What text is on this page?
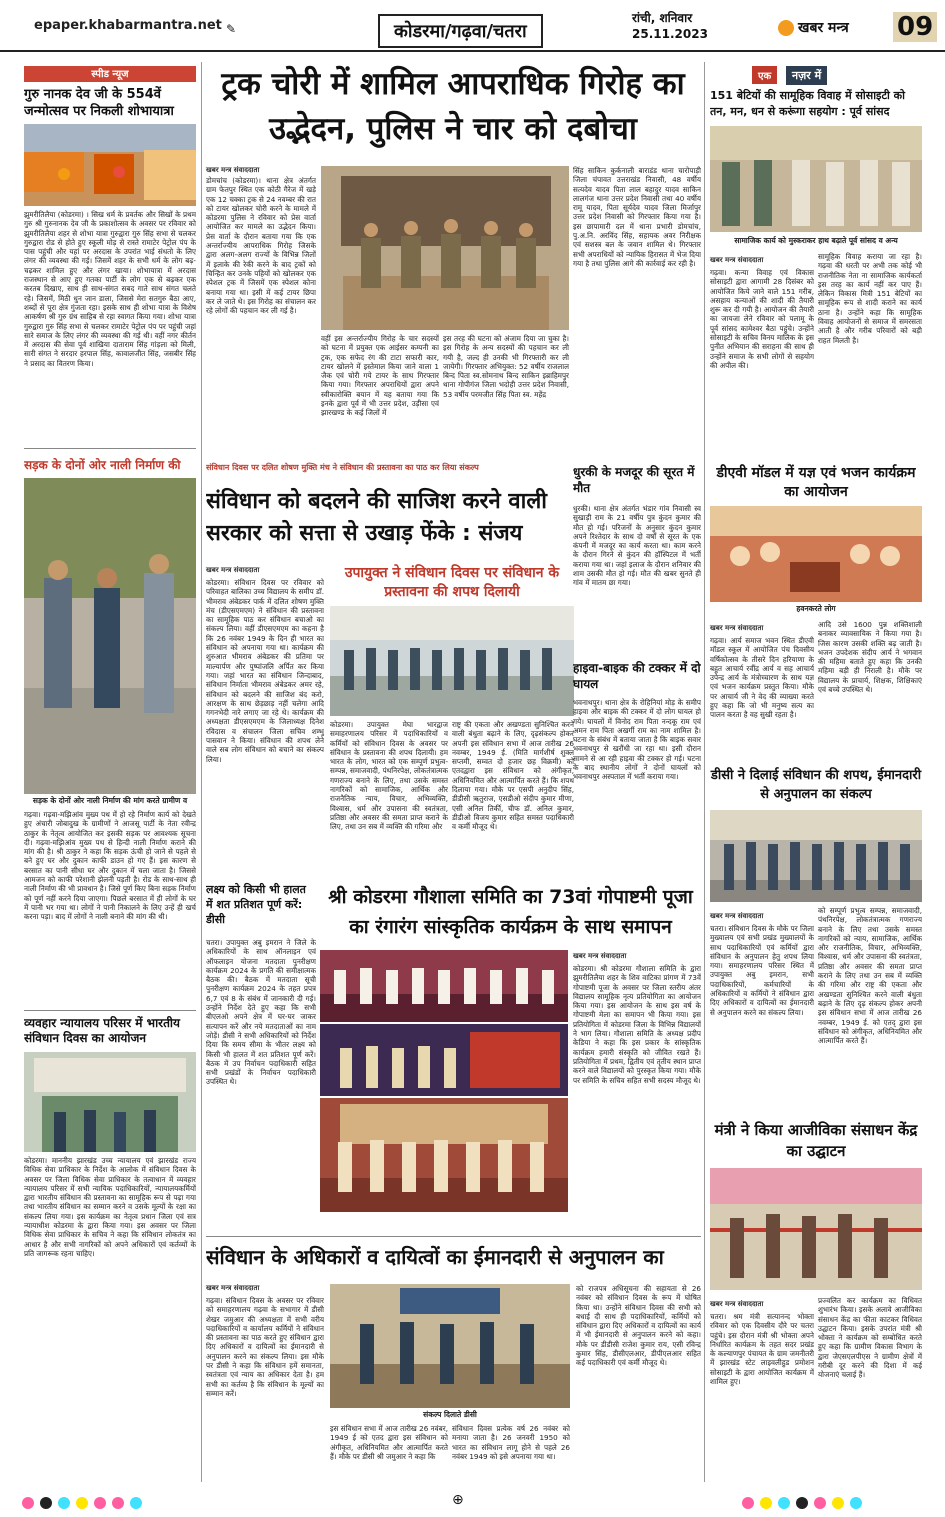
epaper.khabarmantra.net ✎	कोडरमा/गढ़वा/चतरा
रांची, शनिवार
25.11.2023	खबर मन्त्र 09
स्पीड न्यूज
गुरु नानक देव जी के 554वें जन्मोत्सव पर निकली शोभायात्रा
झुमरीतिलैया (कोडरमा) । सिख धर्म के प्रवर्तक और सिखों के प्रथम गुरु श्री गुरुनानक देव जी के प्रकाशोत्सव के अवसर पर रविवार को झुमरीतिलैया शहर से शोभा यात्रा गुरुद्वारा गुरु सिंह सभा से चलकर गुरुद्वारा रोड से होते हुए स्कूली मोड़ से रास्ते रामाटेर पेट्रोल पंप के पास पहुंची और यहां पर अरदास के उपरांत भाई संधतो के लिए लंगर की व्यवस्था की गई। जिसमें शहर के सभी धर्म के लोग बढ़-चढ़कर शामिल हुए और लंगर खाया। शोभायात्रा में अरदास राजस्थान से आए हुए गतका पार्टी के लोग एक से बढ़कर एक करतब दिखाए, साथ ही साथ-संगत सबद गाते साथ संगत चलते रहे। जिसमें, मिठी धुन जान डाला, जिससे मेरा सतगुरु बैठा आए, शब्दों से पूरा क्षेत्र गुंजता रहा। इसके साथ ही शोभा यात्रा के विशेष आकर्षण श्री गुरु ग्रंथ साहिब से रहा स्वागत किया गया। शोभा यात्रा गुरुद्वारा गुरु सिंह सभा से चलकर रामाटेर पेट्रोल पंप पर पहुंची जहां सारे समाज के लिए लंगर की व्यवस्था की गई थी। वहीं नगर कीर्तन में अरदास की सेवा पूर्व शाखिया दाताराम सिंह गांड़ला को मिली, सारी संगत ने सरदार हरपाल सिंह, कावालजीत सिंह, जसबीर सिंह ने प्रसाद का वितरण किया।
सड़क के दोनों ओर नाली निर्माण की
सड़क के दोनों ओर नाली निर्माण की मांग करते ग्रामीण व
गढ़वा। गढ़वा-मझिआंव मुख्य पथ में हो रहे निर्माण कार्य को देखते हुए अंचारी जोबादुख के ग्रामीणों ने आजसू पार्टी के नेता रवीन्द्र ठाकुर के नेतृत्व आयोजित कर इसकी सड़क पर आवश्यक सूचना दी। गढ़वा-मझिआंव मुख्य पथ से हिन्दी नाली निर्माण कराने की मांग की है। श्री ठाकुर ने कहा कि सड़क ऊंची हो जाने से पहले से बने हुए घर और दुकान काफी डाउन हो गए हैं। इस कारण से बरसात का पानी सीधा घर और दुकान में चला जाता है। जिससे आमजन को काफी परेशानी झेलनी पड़ती है। रोड के साथ-साथ ही नाली निर्माण की भी प्रावधान है। जिसे पूर्ण किए बिना सड़क निर्माण को पूर्ण नहीं करने दिया जाएगा। पिछले बरसात में ही लोगों के घर में पानी भर गया था। लोगों ने पानी निकालने के लिए उन्हें ही खर्च करना पड़ा। बाद में लोगों ने नाली बनाने की मांग की थी।
व्यवहार न्यायालय परिसर में भारतीय संविधान दिवस का आयोजन
कोडरमा। माननीय झारखंड उच्च न्यायालय एवं झारखंड राज्य विधिक सेवा प्राधिकार के निर्देश के आलोक में संविधान दिवस के अवसर पर जिला विधिक सेवा प्राधिकार के तत्वाधान में व्यवहार न्यायालय परिसर में सभी न्यायिक पदाधिकारियों, न्यायालयकर्मियों द्वारा भारतीय संविधान की प्रस्तावना का सामूहिक रूप से पढ़ा गया तथा भारतीय संविधान का सम्मान करने व उसके मूल्यों के रक्षा का संकल्प लिया गया। इस कार्यक्रम का नेतृत्व प्रधान जिला एवं सत्र न्यायाधीश कोडरमा के द्वारा किया गया। इस अवसर पर जिला विधिक सेवा प्राधिकार के सचिव ने कहा कि संविधान लोकतंत्र का आधार है और सभी नागरिकों को अपने अधिकारों एवं कर्तव्यों के प्रति जागरूक रहना चाहिए।
ट्रक चोरी में शामिल आपराधिक गिरोह का उद्भेदन, पुलिस ने चार को दबोचा
खबर मन्त्र संवाददाता
डोमचांच (कोडरमा)। थाना क्षेत्र अंतर्गत ग्राम फेतपुर स्थित एक कोठी गैरेज में खड़े एक 12 चक्का ट्रक से 24 नवम्बर की रात को टायर खोलकर चोरी करने के मामले में कोडरमा पुलिस ने रविवार को प्रेस वार्ता आयोजित कर मामले का उद्भेदन किया। प्रेस वार्ता के दौरान बताया गया कि एक अन्तर्राज्यीय आपराधिक गिरोह जिसके द्वारा अलग-अलग राज्यों के विभिन्न जिलों में इलाके की रेकी करने के बाद ट्रकों को चिन्हित कर उनके पहियों को खोलकर एक स्पेशल ट्रक में जिसमें एक स्पेशल कोना बनाया गया था। इसी में कई टायर छिपा कर ले जाते थे। इस गिरोह का संचालन कर रहे लोगों की पहचान कर ली गई है।
वहीं इस अन्तर्राज्यीय गिरोह के चार सदस्यों को घटना में प्रयुक्त एक आईसर कम्पनी का ट्रक, एक सफेद रंग की टाटा सफारी कार, टायर खोलने में इस्तेमाल किया जाने वाला 1 जैक एवं चोरी गये टायर के साथ गिरफ्तार किया गया। गिरफ्तार अपराधियों द्वारा अपने स्वीकारोक्ति बयान में यह बताया गया कि इनके द्वारा पूर्व में भी उत्तर प्रदेश, उड़ीसा एवं झारखण्ड के कई जिलों में
इस तरह की घटना को अंजाम दिया जा चुका है। इस गिरोह के अन्य सदस्यों की पहचान कर ली गयी है, जल्द ही उनकी भी गिरफ्तारी कर ली जायेगी। गिरफ्तार अभियुक्त: 52 वर्षीय राजलाल बिन्द पिता स्व.सोमनाथ बिन्द साकिन इब्राहिमपुर थाना गोपीगंज जिला भदोही उत्तर प्रदेश निवासी, 53 वर्षीय परमजीत सिंह पिता स्व. महेंद्र
सिंह साकिन कुर्कनाली बाराडंड थाना चारोपाड़ी जिला चंपावत उत्तराखंड निवासी, 48 वर्षीय सत्यदेव यादव पिता लाल बहादुर यादव साकिन लालगंज थाना उत्तर प्रदेश निवासी तथा 40 वर्षीय रामू यादव, पिता सूर्यदेव यादव जिला मिर्जापुर उत्तर प्रदेश निवासी को गिरफ्तार किया गया है। इस छापामारी दल में थाना प्रभारी डोमचांच, पु.अ.नि. अरविंद सिंह, सहायक अवर निरीक्षक एवं सशस्त्र बल के जवान शामिल थे। गिरफ्तार सभी अपराधियों को न्यायिक हिरासत में भेज दिया गया है तथा पुलिस आगे की कार्रवाई कर रही है।
संविधान दिवस पर दलित शोषण मुक्ति मंच ने संविधान की प्रस्तावना का पाठ कर लिया संकल्प
संविधान को बदलने की साजिश करने वाली सरकार को सत्ता से उखाड़ फेंके : संजय
खबर मन्त्र संवाददाता
कोडरमा। संविधान दिवस पर रविवार को परिवाहत बालिका उच्च विद्यालय के समीप डॉ. भीमराव अंबेडकर पार्क में दलित शोषण मुक्ति मंच (डीएसएमएम) ने संविधान की प्रस्तावना का सामूहिक पाठ कर संविधान बचाओ का संकल्प लिया। वहीं डीएसएमएम का कहना है कि 26 नवंबर 1949 के दिन ही भारत का संविधान को अपनाया गया था। कार्यक्रम की शुरुआत भीमराव अंबेडकर की प्रतिमा पर माल्यार्पण और पुष्पांजलि अर्पित कर किया गया। जहां भारत का संविधान जिन्दाबाद, संविधान निर्माता भीमराव अंबेडकर अमर रहे, संविधान को बदलने की साजिश बंद करो, आरक्षण के साथ छेड़छाड़ नहीं चलेगा आदि गगनभेदी नारे लगाए जा रहे थे। कार्यक्रम की अध्यक्षता डीएसएमएम के जिलाध्यक्ष दिनेश रविदास व संचालन जिला सचिव शम्भु पासवान ने किया। संविधान की शपथ लेने वाले सब लोग संविधान को बचाने का संकल्प लिया।
उपायुक्त ने संविधान दिवस पर संविधान के प्रस्तावना की शपथ दिलायी
कोडरमा। उपायुक्त मेघा भारद्वाज समाहरणालय परिसर में पदाधिकारियों व कर्मियों को संविधान दिवस के अवसर पर संविधान के प्रस्तावना की शपथ दिलायी। हम भारत के लोग, भारत को एक सम्पूर्ण प्रभुत्व-सम्पन्न, समाजवादी, पंथनिरपेक्ष, लोकतंत्रात्मक गणराज्य बनाने के लिए, तथा उसके समस्त नागरिकों को सामाजिक, आर्थिक और राजनैतिक न्याय, विचार, अभिव्यक्ति, विश्वास, धर्म और उपासना की स्वतंत्रता, प्रतिष्ठा और अवसर की समता प्राप्त कराने के लिए, तथा उन सब में व्यक्ति की गरिमा और
राष्ट्र की एकता और अखण्डता सुनिश्चित करने वाली बंधुता बढ़ाने के लिए, दृढ़संकल्प होकर अपनी इस संविधान सभा में आज तारीख 26 नवम्बर, 1949 ई. (मिति मार्गशीर्ष शुक्ल सप्तमी, सम्वत दो हजार छह विक्रमी) को एतदद्वारा इस संविधान को अंगीकृत, अधिनियमित और आत्मार्पित करते हैं। कि शपथ दिलाया गया। मौके पर एसपी अनुदीप सिंह, डीडीसी ऋतुराज, एसडीओ संदीप कुमार मीणा, एसी अनिल तिर्की, चीफ डॉ. अनिल कुमार, डीडीओ विजय कुमार सहित समस्त पदाधिकारी व कर्मी मौजूद थे।
धुरकी के मजदूर की सूरत में मौत
धुरकी। थाना क्षेत्र अंतर्गत भंडार गांव निवासी स्व सुखाड़ी राम के 21 वर्षीय पुत्र कुंदन कुमार की मौत हो गई। परिजनों के अनुसार कुंदन कुमार अपने रिश्तेदार के साथ दो वर्षों से सूरत के एक कंपनी में मजदूर का कार्य करता था। काम करने के दौरान गिरने से कुंदन की हॉस्पिटल में भर्ती कराया गया था। जहां इलाज के दौरान शनिवार की शाम उसकी मौत हो गई। मौत की खबर सुनते ही गांव में मातम छा गया।
हाइवा-बाइक की टक्कर में दो घायल
भवनाथपुर। थाना क्षेत्र के रोहिनियां मोड़ के समीप हाइवा और बाइक की टक्कर में दो लोग घायल हो गये। घायलों में विनोद राम पिता नन्दकू राम एवं अमन राम पिता अखर्गी राम का नाम शामिल है। घटना के संबंध में बताया जाता है कि बाइक सवार भवनाथपुर से खरौंधी जा रहा था। इसी दौरान सामने से आ रही हाइवा की टक्कर हो गई। घटना के बाद स्थानीय लोगों ने दोनों घायलों को भवनाथपुर अस्पताल में भर्ती कराया गया।
लक्ष्य को किसी भी हालत में शत प्रतिशत पूर्ण करें: डीसी
चतरा। उपायुक्त अबु इमरान ने जिले के अधिकारियों के साथ ऑनलाइन एवं ऑफलाइन योजना मतदाता पुनरीक्षण कार्यक्रम 2024 के प्रगति की समीक्षात्मक बैठक की। बैठक में मतदाता सूची पुनरीक्षण कार्यक्रम 2024 के तहत प्रपत्र 6,7 एवं 8 के संबंध में जानकारी दी गई। उन्होंने निर्देश देते हुए कहा कि सभी बीएलओ अपने क्षेत्र में घर-घर जाकर सत्यापन करें और नये मतदाताओं का नाम जोड़ें। डीसी ने सभी अधिकारियों को निर्देश दिया कि समय सीमा के भीतर लक्ष्य को किसी भी हालत में शत प्रतिशत पूर्ण करें। बैठक में उप निर्वाचन पदाधिकारी सहित सभी प्रखंडों के निर्वाचन पदाधिकारी उपस्थित थे।
श्री कोडरमा गौशाला समिति का 73वां गोपाष्टमी पूजा का रंगारंग सांस्कृतिक कार्यक्रम के साथ समापन
खबर मन्त्र संवाददाता
कोडरमा। श्री कोडरमा गौशाला समिति के द्वारा झुमरीतिलैया शहर के शिव वाटिका प्रांगण में 73वें गोपाष्टमी पूजा के अवसर पर जिला स्तरीय अंतर विद्यालय सामूहिक नृत्य प्रतियोगिता का आयोजन किया गया। इस आयोजन के साथ इस वर्ष के गोपाष्टमी मेला का समापन भी किया गया। इस प्रतियोगिता में कोडरमा जिला के विभिन्न विद्यालयों ने भाग लिया। गौशाला समिति के अध्यक्ष प्रदीप केडिया ने कहा कि इस प्रकार के सांस्कृतिक कार्यक्रम हमारी संस्कृति को जीवित रखते हैं। प्रतियोगिता में प्रथम, द्वितीय एवं तृतीय स्थान प्राप्त करने वाले विद्यालयों को पुरस्कृत किया गया। मौके पर समिति के सचिव सहित सभी सदस्य मौजूद थे।
संविधान के अधिकारों व दायित्वों का ईमानदारी से अनुपालन का
खबर मन्त्र संवाददाता
गढ़वा। संविधान दिवस के अवसर पर रविवार को समाहरणालय गढ़वा के सभागार में डीसी शेखर जमुआर की अध्यक्षता में सभी वरीय पदाधिकारियों व कार्यालय कर्मियों ने संविधान की प्रस्तावना का पाठ करते हुए संविधान द्वारा दिए अधिकारों व दायित्वों का ईमानदारी से अनुपालन करने का संकल्प लिया। इस मौके पर डीसी ने कहा कि संविधान हमें समानता, स्वतंत्रता एवं न्याय का अधिकार देता है। हम सभी का कर्तव्य है कि संविधान के मूल्यों का सम्मान करें।
संकल्प दिलाते डीसी
इस संविधान सभा में आज तारीख 26 नवंबर, 1949 ई को एतद द्वारा इस संविधान को अंगीकृत, अधिनियमित और आत्मार्पित करते हैं। मौके पर डीसी श्री जमुआर ने कहा कि
संविधान दिवस प्रत्येक वर्ष 26 नवंबर को मनाया जाता है। 26 जनवरी 1950 को भारत का संविधान लागू होने से पहले 26 नवंबर 1949 को इसे अपनाया गया था।
को राजपत्र अधिसूचना की सहायता से 26 नवंबर को संविधान दिवस के रूप में घोषित किया था। उन्होंने संविधान दिवस की सभी को बधाई दी साथ ही पदाधिकारियों, कर्मियों को संविधान द्वारा दिए अधिकारों व दायित्वों का कार्य में भी ईमानदारी से अनुपालन करने को कहा। मौके पर डीडीसी राजेश कुमार राय, एसी रविन्द्र कुमार सिंह, डीसीएलआर, डीपीएलआर सहित कई पदाधिकारी एवं कर्मी मौजूद थे।
एक	नज़र में
151 बेटियों की सामूहिक विवाह में सोसाइटी को तन, मन, धन से करूंगा सहयोग : पूर्व सांसद
सामाजिक कार्य को मुस्कराकर हाथ बढ़ाते पूर्व सांसद व अन्य
खबर मन्त्र संवाददाता
गढ़वा। कन्या विवाह एवं विकास सोसाइटी द्वारा आगामी 28 दिसंबर को आयोजित किये जाने वाले 151 गरीब, असहाय कन्याओं की शादी की तैयारी शुरू कर दी गयी है। आयोजन की तैयारी का जायजा लेने रविवार को पलामू के पूर्व सांसद कामेश्वर बैठा पहुंचे। उन्होंने सोसाइटी के सचिव विनय मालिक के इस पुनीत अभियान की सराहना की साथ ही उन्होंने समाज के सभी लोगों से सहयोग की अपील की।
सामूहिक विवाह कराया जा रहा है। गढ़वा की धरती पर अभी तक कोई भी राजनीतिक नेता ना सामाजिक कार्यकर्ता इस तरह का कार्य नहीं कर पाए हैं। लेकिन विकास मित्री 151 बेटियों का सामूहिक रूप से शादी कराने का कार्य ठाना है। उन्होंने कहा कि सामूहिक विवाह आयोजनों से समाज में समरसता आती है और गरीब परिवारों को बड़ी राहत मिलती है।
डीएवी मॉडल में यज्ञ एवं भजन कार्यक्रम का आयोजन
हवनकरते लोग
खबर मन्त्र संवाददाता
गढ़वा। आर्य समाज भवन स्थित डीएवी मॉडल स्कूल में आयोजित पंच दिवसीय वर्षिकोत्सव के तीसरे दिन हरियाणा के बहुत आचार्य रवींद्र आर्य व सह आचार्य उपेन्द्र आर्य के मंत्रोच्चारण के साथ यज्ञ एवं भजन कार्यक्रम प्रस्तुत किया। मौके पर आचार्य जी ने वेद की व्याख्या करते हुए कहा कि जो भी मनुष्य सत्य का पालन करता है वह सुखी रहता है।
आदि उसे 1600 पुन्न शक्तिशाली बनाकर व्यावसायिक ने किया गया है। जिस कारण उसकी शक्ति बढ़ जाती है। भजन उपदेशक संदीप आर्य ने भगवान की महिमा बताते हुए कहा कि उनकी महिमा बड़ी ही निराली है। मौके पर विद्यालय के प्राचार्य, शिक्षक, शिक्षिकाएं एवं बच्चे उपस्थित थे।
डीसी ने दिलाई संविधान की शपथ, ईमानदारी से अनुपालन का संकल्प
खबर मन्त्र संवाददाता
चतरा। संविधान दिवस के मौके पर जिला मुख्यालय एवं सभी प्रखंड मुख्यालयों के साथ पदाधिकारियों एवं कर्मियों द्वारा संविधान के अनुपालन हेतु शपथ लिया गया। समाहरणालय परिसर स्थित में उपायुक्त अबु इमरान, सभी पदाधिकारियों, कर्मचारियों के अधिकारियों व कर्मियों ने संविधान द्वारा दिए अधिकारों व दायित्वों का ईमानदारी से अनुपालन करने का संकल्प लिया।
को सम्पूर्ण प्रभुत्व सम्पन्न, समाजवादी, पंथनिरपेक्ष, लोकतंत्रात्मक गणराज्य बनाने के लिए तथा उसके समस्त नागरिकों को न्याय, सामाजिक, आर्थिक और राजनीतिक, विचार, अभिव्यक्ति, विश्वास, धर्म और उपासना की स्वतंत्रता, प्रतिष्ठा और अवसर की समता प्राप्त कराने के लिए तथा उन सब में व्यक्ति की गरिमा और राष्ट्र की एकता और अखण्डता सुनिश्चित करने वाली बंधुता बढ़ाने के लिए दृढ़ संकल्प होकर अपनी इस संविधान सभा में आज तारीख 26 नवम्बर, 1949 ई. को एतद् द्वारा इस संविधान को अंगीकृत, अधिनियमित और आत्मार्पित करते हैं।
मंत्री ने किया आजीविका संसाधन केंद्र का उद्घाटन
खबर मन्त्र संवाददाता
चतरा। श्रम मंत्री सत्यानन्द भोक्ता रविवार को एक दिवसीय दौरे पर चतरा पहुंचे। इस दौरान मंत्री श्री भोक्ता अपने निर्धारित कार्यक्रम के तहत सदर प्रखंड के कल्याणपुर पंचायत के ग्राम जमनीतरी में झारखंड स्टेट लाइवलीहुड प्रमोशन सोसाइटी के द्वारा आयोजित कार्यक्रम में शामिल हुए।
प्रज्वलित कर कार्यक्रम का विधिवत शुभारंभ किया। इसके अलावे आजीविका संसाधन केंद्र का फीता काटकर विधिवत उद्घाटन किया। इसके उपरांत मंत्री श्री भोक्ता ने कार्यक्रम को सम्बोधित करते हुए कहा कि ग्रामीण विकास विभाग के द्वारा जेएसएलपीएस ने ग्रामीण क्षेत्रों में गरीबी दूर करने की दिशा में कई योजनाएं चलाई हैं।
⊕
